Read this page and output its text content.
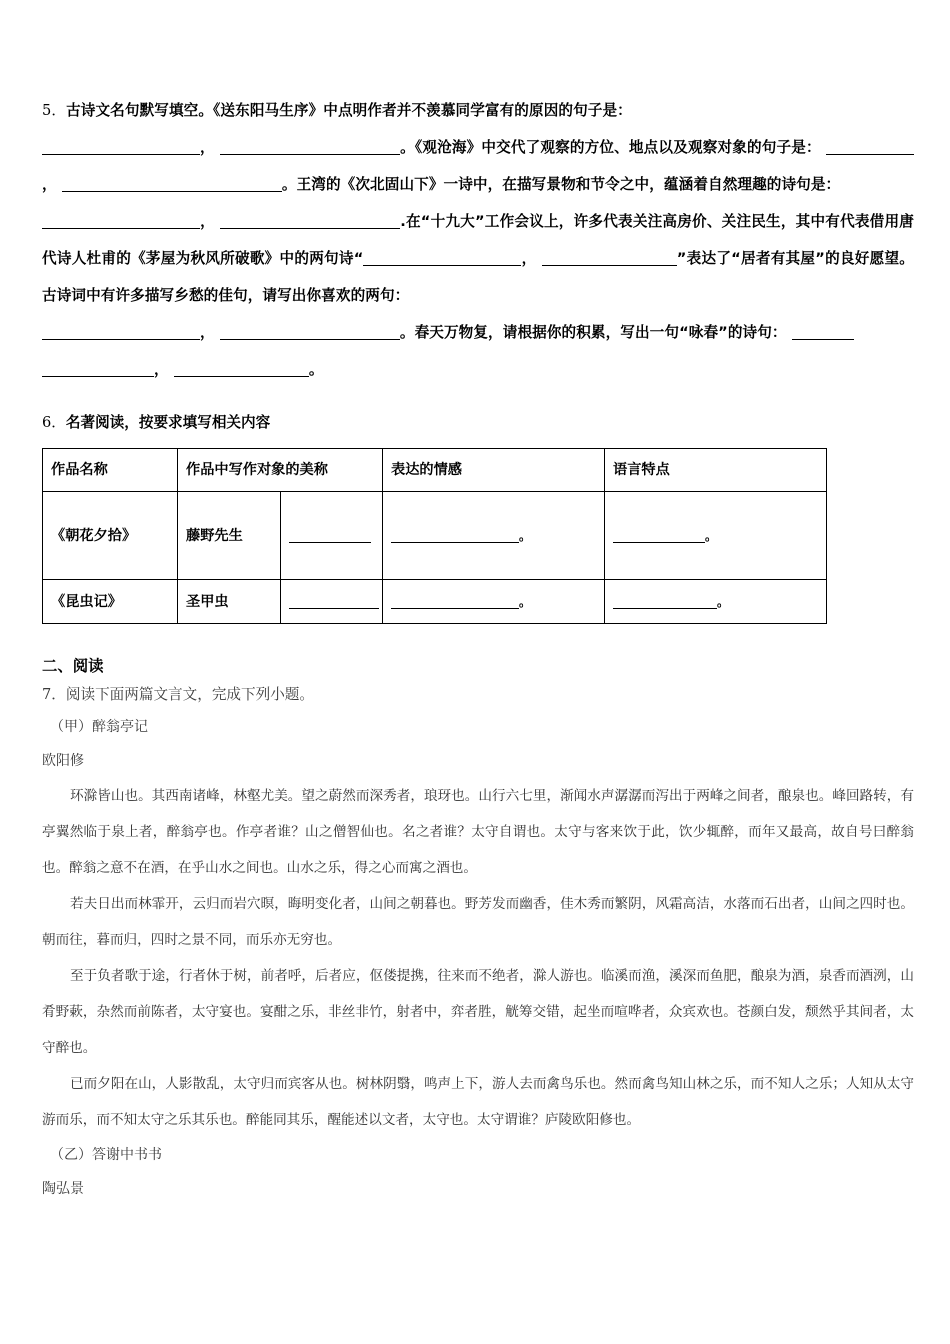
5．古诗文名句默写填空。《送东阳马生序》中点明作者并不羡慕同学富有的原因的句子是：
，	。《观沧海》中交代了观察的方位、地点以及观察对象的句子是： ，	。王湾的《次北固山下》一诗中，在描写景物和节令之中，蕴涵着自然理趣的诗句是：
，	.在“十九大”工作会议上，许多代表关注高房价、关注民生，其中有代表借用唐代诗人杜甫的《茅屋为秋风所破歌》中的两句诗“	，	”表达了“居者有其屋”的良好愿望。古诗词中有许多描写乡愁的佳句，请写出你喜欢的两句：
，	。春天万物复，请根据你的积累，写出一句“咏春”的诗句：
，	。
6．名著阅读，按要求填写相关内容
作品名称	作品中写作对象的美称		表达的情感	语言特点
《朝花夕拾》	藤野先生		。	。
《昆虫记》	圣甲虫		。	。
二、阅读
7．阅读下面两篇文言文，完成下列小题。
（甲）醉翁亭记
欧阳修

环滁皆山也。其西南诸峰，林壑尤美。望之蔚然而深秀者，琅玡也。山行六七里，渐闻水声潺潺而泻出于两峰之间者，酿泉也。峰回路转，有亭翼然临于泉上者，醉翁亭也。作亭者谁？山之僧智仙也。名之者谁？太守自谓也。太守与客来饮于此，饮少辄醉，而年又最高，故自号曰醉翁也。醉翁之意不在酒，在乎山水之间也。山水之乐，得之心而寓之酒也。

若夫日出而林霏开，云归而岩穴暝，晦明变化者，山间之朝暮也。野芳发而幽香，佳木秀而繁阴，风霜高洁，水落而石出者，山间之四时也。朝而往，暮而归，四时之景不同，而乐亦无穷也。

至于负者歌于途，行者休于树，前者呼，后者应，伛偻提携，往来而不绝者，滁人游也。临溪而渔，溪深而鱼肥，酿泉为酒，泉香而酒洌，山肴野蔌，杂然而前陈者，太守宴也。宴酣之乐，非丝非竹，射者中，弈者胜，觥筹交错，起坐而喧哗者，众宾欢也。苍颜白发，颓然乎其间者，太守醉也。

已而夕阳在山，人影散乱，太守归而宾客从也。树林阴翳，鸣声上下，游人去而禽鸟乐也。然而禽鸟知山林之乐，而不知人之乐；人知从太守游而乐，而不知太守之乐其乐也。醉能同其乐，醒能述以文者，太守也。太守谓谁？庐陵欧阳修也。

（乙）答谢中书书
陶弘景
